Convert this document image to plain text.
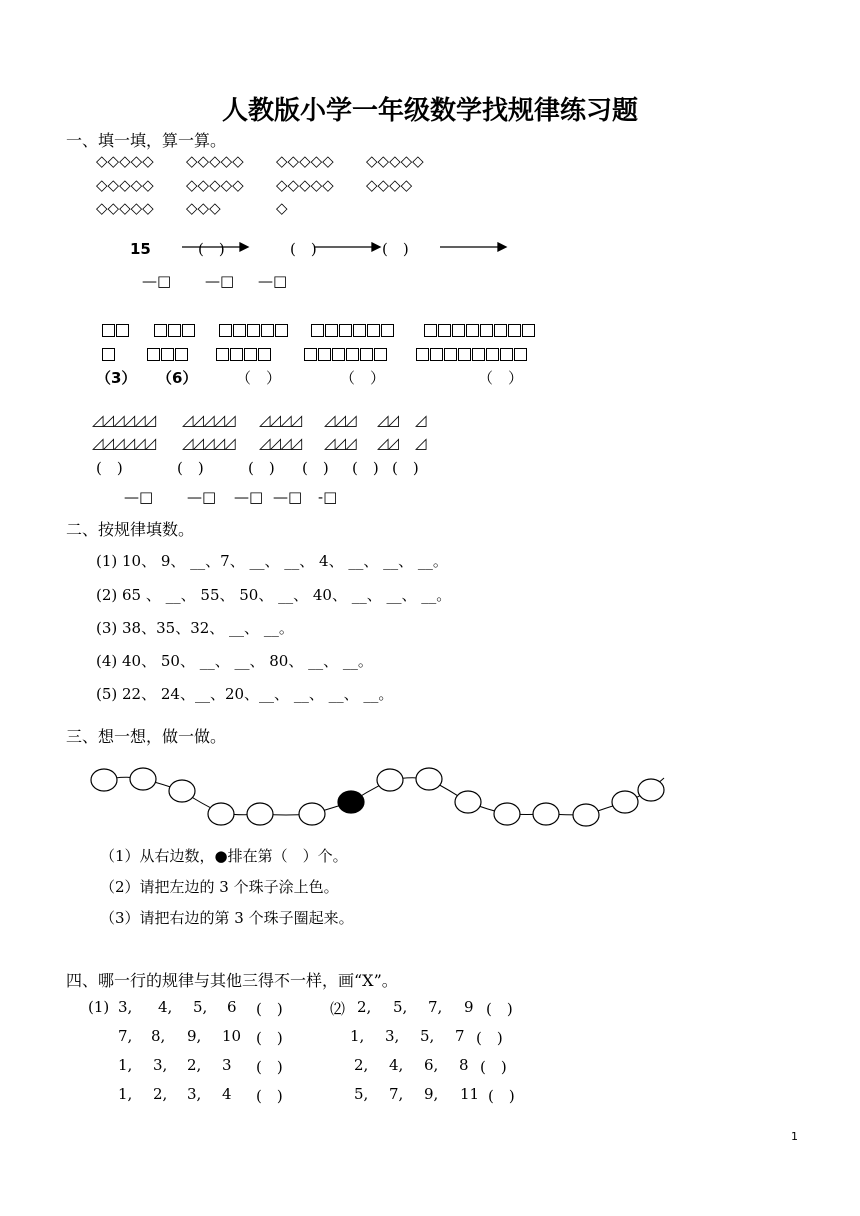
人教版小学一年级数学找规律练习题
一、填一填，算一算。
◇◇◇◇◇ ◇◇◇◇◇ ◇◇◇◇◇ ◇◇◇◇◇
◇◇◇◇◇ ◇◇◇◇◇ ◇◇◇◇◇ ◇◇◇◇
◇◇◇◇◇ ◇◇◇	◇
15	(　)	(　)	(　)
—□ —□ —□
（3） （6）	（　）	（　）	（　）
◿◿◿◿◿◿ ◿◿◿◿◿ ◿◿◿◿ ◿◿◿ ◿◿ ◿
◿◿◿◿◿◿ ◿◿◿◿◿ ◿◿◿◿ ◿◿◿ ◿◿ ◿
(　)	(　)	(　) (　) (　) (　)
—□ —□ —□ —□ -□
二、按规律填数。
(1) 10、 9、 __、7、 __、 __、 4、 __、 __、 __。
(2) 65 、 __、 55、 50、 __、 40、 __、 __、 __。
(3) 38、35、32、 __、 __。
(4) 40、 50、 __、 __、 80、 __、 __。
(5) 22、 24、__、20、__、 __、 __、 __。
三、想一想，做一做。
（1）从右边数，●排在第（　）个。
（2）请把左边的 3 个珠子涂上色。
（3）请把右边的第 3 个珠子圈起来。
四、哪一行的规律与其他三得不一样，画“X”。
(1)	⑵
3, 4, 5, 6 (　)
7, 8, 9, 10 (　)
1, 3, 2, 3 (　)
1, 2, 3, 4 (　)
2, 5, 7, 9 (　)
1, 3, 5, 7 (　)
2, 4, 6, 8 (　)
5, 7, 9, 11 (　)
1
